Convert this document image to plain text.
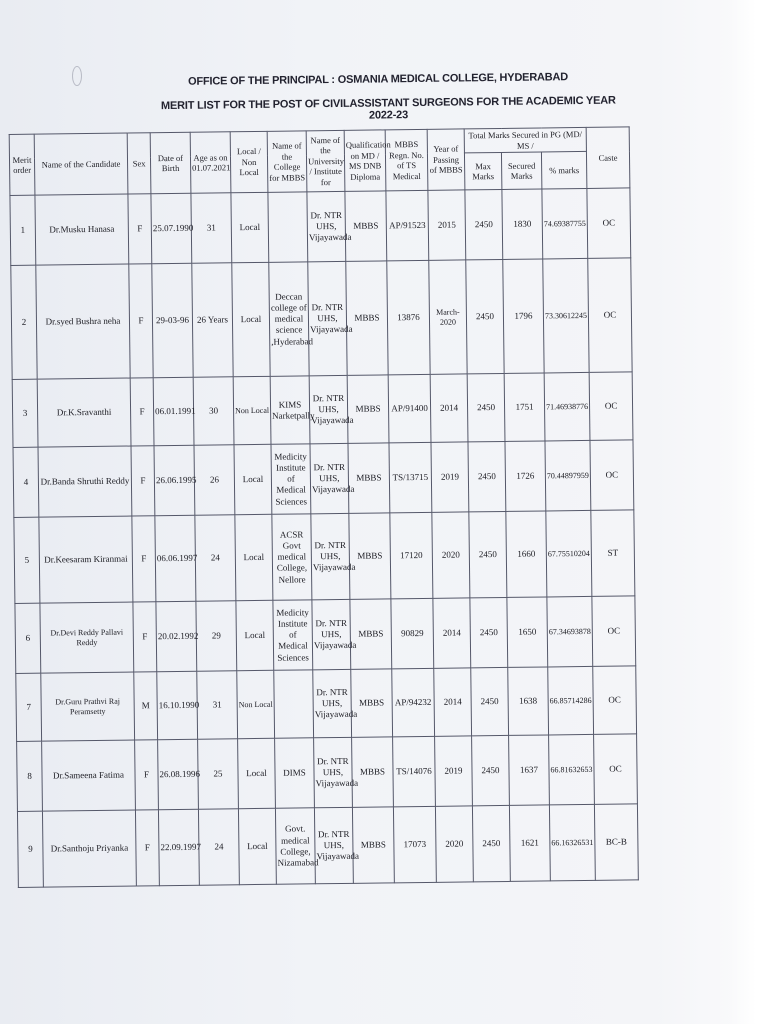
OFFICE OF THE PRINCIPAL : OSMANIA MEDICAL COLLEGE, HYDERABAD
MERIT LIST FOR THE POST OF CIVILASSISTANT SURGEONS FOR THE ACADEMIC YEAR 2022-23
Merit order	Name of the Candidate	Sex	Date of Birth	Age as on 01.07.2021	Local / Non Local	Name of the College for MBBS	Name of the University / Institute for	Qualification on MD / MS DNB Diploma	MBBS Regn. No. of TS Medical	Year of Passing of MBBS	Total Marks Secured in PG (MD/ MS /			Caste
											Max Marks	Secured Marks	% marks	
1	Dr.Musku Hanasa	F	25.07.1990	31	Local		Dr. NTR UHS, Vijayawada	MBBS	AP/91523	2015	2450	1830	74.69387755	OC
2	Dr.syed Bushra neha	F	29-03-96	26 Years	Local	Deccan college of medical science ,Hyderabad	Dr. NTR UHS, Vijayawada	MBBS	13876	March-2020	2450	1796	73.30612245	OC
3	Dr.K.Sravanthi	F	06.01.1991	30	Non Local	KIMS Narketpally	Dr. NTR UHS, Vijayawada	MBBS	AP/91400	2014	2450	1751	71.46938776	OC
4	Dr.Banda Shruthi Reddy	F	26.06.1995	26	Local	Medicity Institute of Medical Sciences	Dr. NTR UHS, Vijayawada	MBBS	TS/13715	2019	2450	1726	70.44897959	OC
5	Dr.Keesaram Kiranmai	F	06.06.1997	24	Local	ACSR Govt medical College, Nellore	Dr. NTR UHS, Vijayawada	MBBS	17120	2020	2450	1660	67.75510204	ST
6	Dr.Devi Reddy Pallavi Reddy	F	20.02.1992	29	Local	Medicity Institute of Medical Sciences	Dr. NTR UHS, Vijayawada	MBBS	90829	2014	2450	1650	67.34693878	OC
7	Dr.Guru Prathvi Raj Peramsetty	M	16.10.1990	31	Non Local		Dr. NTR UHS, Vijayawada	MBBS	AP/94232	2014	2450	1638	66.85714286	OC
8	Dr.Sameena Fatima	F	26.08.1996	25	Local	DIMS	Dr. NTR UHS, Vijayawada	MBBS	TS/14076	2019	2450	1637	66.81632653	OC
9	Dr.Santhoju Priyanka	F	22.09.1997	24	Local	Govt. medical College, Nizamabad	Dr. NTR UHS, Vijayawada	MBBS	17073	2020	2450	1621	66.16326531	BC-B
